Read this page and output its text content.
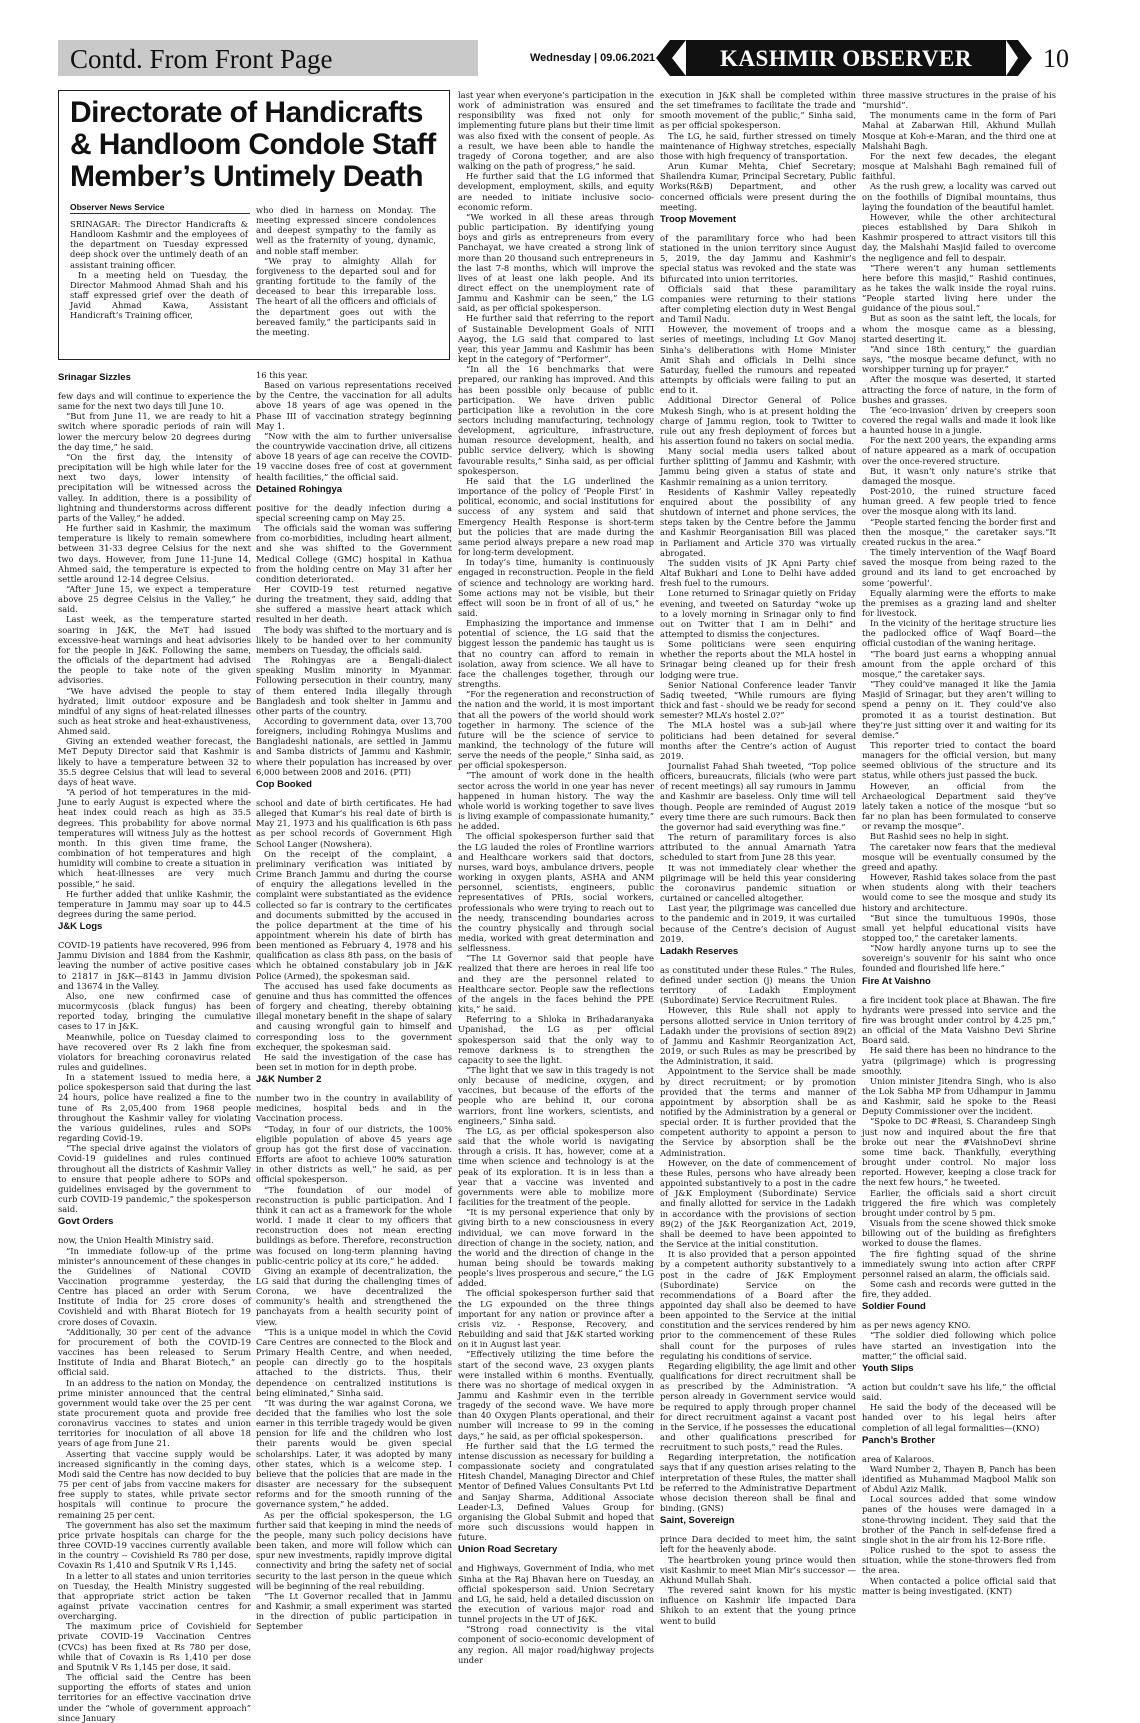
Contd. From Front Page	Wednesday | 09.06.2021	KASHMIR OBSERVER	10
Directorate of Handicrafts & Handloom Condole Staff Member’s Untimely Death
Observer News Service

SRINAGAR: The Director Handicrafts & Handloom Kashmir and the employees of the department on Tuesday expressed deep shock over the untimely death of an assistant training officer.

In a meeting held on Tuesday, the Director Mahmood Ahmad Shah and his staff expressed grief over the death of Javid Ahmad Kawa, Assistant Handicraft’s Training officer,

who died in harness on Monday. The meeting expressed sincere condolences and deepest sympathy to the family as well as the fraternity of young, dynamic, and noble staff member.

“We pray to almighty Allah for forgiveness to the departed soul and for granting fortitude to the family of the deceased to bear this irreparable loss. The heart of all the officers and officials of the department goes out with the bereaved family,” the participants said in the meeting.

Srinagar Sizzles

few days and will continue to experience the same for the next two days till June 10.

“But from June 11, we are ready to hit a switch where sporadic periods of rain will lower the mercury below 20 degrees during the day time,” he said.

“On the first day, the intensity of precipitation will be high while later for the next two days, lower intensity of precipitation will be witnessed across the valley. In addition, there is a possibility of lightning and thunderstorms across different parts of the Valley,” he added.

He further said in Kashmir, the maximum temperature is likely to remain somewhere between 31-33 degree Celsius for the next two days. However, from June 11-June 14, Ahmed said, the temperature is expected to settle around 12-14 degree Celsius.

“After June 15, we expect a temperature above 25 degree Celsius in the Valley,” he said.

Last week, as the temperature started soaring in J&K, the MeT had issued excessive-heat warnings and heat advisories for the people in J&K. Following the same, the officials of the department had advised the people to take note of the given advisories.

“We have advised the people to stay hydrated, limit outdoor exposure and be mindful of any signs of heat-related illnesses such as heat stroke and heat-exhaustiveness, Ahmed said.

Giving an extended weather forecast, the MeT Deputy Director said that Kashmir is likely to have a temperature between 32 to 35.5 degree Celsius that will lead to several days of heat wave.

“A period of hot temperatures in the mid-June to early August is expected where the heat index could reach as high as 35.5 degrees. This probability for above normal temperatures will witness July as the hottest month. In this given time frame, the combination of hot temperatures and high humidity will combine to create a situation in which heat-illnesses are very much possible,” he said.

He further added that unlike Kashmir, the temperature in Jammu may soar up to 44.5 degrees during the same period.

J&K Logs

COVID-19 patients have recovered, 996 from Jammu Division and 1884 from the Kashmir, leaving the number of active positive cases to 21817 in J&K—8143 in Jammu division and 13674 in the Valley.

Also, one new confirmed case of mucormycosis (black fungus) has been reported today, bringing the cumulative cases to 17 in J&K.

Meanwhile, police on Tuesday claimed to have recovered over Rs 2 lakh fine from violators for breaching coronavirus related rules and guidelines.

In a statement issued to media here, a police spokesperson said that during the last 24 hours, police have realized a fine to the tune of Rs 2,05,400 from 1968 people throughout the Kashmir valley for violating the various guidelines, rules and SOPs regarding Covid-19.

“The special drive against the violators of Covid-19 guidelines and rules continued throughout all the districts of Kashmir Valley to ensure that people adhere to SOPs and guidelines envisaged by the government to curb COVID-19 pandemic,” the spokesperson said.

Govt Orders

now, the Union Health Ministry said.

“In immediate follow-up of the prime minister’s announcement of these changes in the Guidelines of National COVID Vaccination programme yesterday, the Centre has placed an order with Serum Institute of India for 25 crore doses of Covishield and with Bharat Biotech for 19 crore doses of Covaxin.

“Additionally, 30 per cent of the advance for procurement of both the COVID-19 vaccines has been released to Serum Institute of India and Bharat Biotech,” an official said.

In an address to the nation on Monday, the prime minister announced that the central government would take over the 25 per cent state procurement quota and provide free coronavirus vaccines to states and union territories for inoculation of all above 18 years of age from June 21.

Asserting that vaccine supply would be increased significantly in the coming days, Modi said the Centre has now decided to buy 75 per cent of jabs from vaccine makers for free supply to states, while private sector hospitals will continue to procure the remaining 25 per cent.

The government has also set the maximum price private hospitals can charge for the three COVID-19 vaccines currently available in the country -- Covishield Rs 780 per dose, Covaxin Rs 1,410 and Sputnik V Rs 1,145.

In a letter to all states and union territories on Tuesday, the Health Ministry suggested that appropriate strict action be taken against private vaccination centres for overcharging.

The maximum price of Covishield for private COVID-19 Vaccination Centres (CVCs) has been fixed at Rs 780 per dose, while that of Covaxin is Rs 1,410 per dose and Sputnik V Rs 1,145 per dose, it said.

The official said the Centre has been supporting the efforts of states and union territories for an effective vaccination drive under the “whole of government approach” since January

16 this year.

Based on various representations received by the Centre, the vaccination for all adults above 18 years of age was opened in the Phase III of vaccination strategy beginning May 1.

“Now with the aim to further universalise the countrywide vaccination drive, all citizens above 18 years of age can receive the COVID-19 vaccine doses free of cost at government health facilities,” the official said.

Detained Rohingya

positive for the deadly infection during a special screening camp on May 25.

The officials said the woman was suffering from co-morbidities, including heart ailment, and she was shifted to the Government Medical College (GMC) hospital in Kathua from the holding centre on May 31 after her condition deteriorated.

Her COVID-19 test returned negative during the treatment, they said, adding that she suffered a massive heart attack which resulted in her death.

The body was shifted to the mortuary and is likely to be handed over to her community members on Tuesday, the officials said.

The Rohingyas are a Bengali-dialect speaking Muslim minority in Myanmar. Following persecution in their country, many of them entered India illegally through Bangladesh and took shelter in Jammu and other parts of the country.

According to government data, over 13,700 foreigners, including Rohingya Muslims and Bangladeshi nationals, are settled in Jammu and Samba districts of Jammu and Kashmir, where their population has increased by over 6,000 between 2008 and 2016. (PTI)

Cop Booked

school and date of birth certificates. He had alleged that Kumar’s his real date of birth is May 21, 1973 and his qualification is 6th pass as per school records of Government High School Langer (Nowshera).

On the receipt of the complaint, a preliminary verification was initiated by Crime Branch Jammu and during the course of enquiry the allegations levelled in the complaint were substantiated as the evidence collected so far is contrary to the certificates and documents submitted by the accused in the police department at the time of his appointment wherein his date of birth has been mentioned as February 4, 1978 and his qualification as class 8th pass, on the basis of which he obtained constabulary job in J&K Police (Armed), the spokesman said.

The accused has used fake documents as genuine and thus has committed the offences of forgery and cheating, thereby obtaining illegal monetary benefit in the shape of salary and causing wrongful gain to himself and corresponding loss to the government exchequer, the spokesman said.

He said the investigation of the case has been set in motion for in depth probe.

J&K Number 2

number two in the country in availability of medicines, hospital beds and in the Vaccination process.

“Today, in four of our districts, the 100% eligible population of above 45 years age group has got the first dose of vaccination. Efforts are afoot to achieve 100% saturation in other districts as well,” he said, as per official spokesperson.

“The foundation of our model of reconstruction is public participation. And I think it can act as a framework for the whole world. I made it clear to my officers that reconstruction does not mean erecting buildings as before. Therefore, reconstruction was focused on long-term planning having public-centric policy at its core,” he added.

Giving an example of decentralization, the LG said that during the challenging times of Corona, we have decentralized the community’s health and strengthened the panchayats from a health security point of view.

“This is a unique model in which the Covid Care Centres are connected to the Block and Primary Health Centre, and when needed, people can directly go to the hospitals attached to the districts. Thus, their dependence on centralized institutions is being eliminated,” Sinha said.

“It was during the war against Corona, we decided that the families who lost the sole earner in this terrible tragedy would be given pension for life and the children who lost their parents would be given special scholarships. Later, it was adopted by many other states, which is a welcome step. I believe that the policies that are made in the disaster are necessary for the subsequent reforms and for the smooth running of the governance system,” he added.

As per the official spokesperson, the LG further said that keeping in mind the needs of the people, many such policy decisions have been taken, and more will follow which can spur new investments, rapidly improve digital connectivity and bring the safety net of social security to the last person in the queue which will be beginning of the real rebuilding.

“The Lt Governor recalled that in Jammu and Kashmir, a small experiment was started in the direction of public participation in September

last year when everyone’s participation in the work of administration was ensured and responsibility was fixed not only for implementing future plans but their time limit was also fixed with the consent of people. As a result, we have been able to handle the tragedy of Corona together, and are also walking on the path of progress,” he said.

He further said that the LG informed that development, employment, skills, and equity are needed to initiate inclusive socio-economic reform.

“We worked in all these areas through public participation. By identifying young boys and girls as entrepreneurs from every Panchayat, we have created a strong link of more than 20 thousand such entrepreneurs in the last 7-8 months, which will improve the lives of at least one lakh people. And its direct effect on the unemployment rate of Jammu and Kashmir can be seen,” the LG said, as per official spokesperson.

He further said that referring to the report of Sustainable Development Goals of NITI Aayog, the LG said that compared to last year, this year Jammu and Kashmir has been kept in the category of “Performer”.

“In all the 16 benchmarks that were prepared, our ranking has improved. And this has been possible only because of public participation. We have driven public participation like a revolution in the core sectors including manufacturing, technology development, agriculture, infrastructure, human resource development, health, and public service delivery, which is showing favourable results,” Sinha said, as per official spokesperson.

He said that the LG underlined the importance of the policy of ‘People First’ in political, economic, and social institutions for success of any system and said that Emergency Health Response is short-term but the policies that are made during the same period always prepare a new road map for long-term development.

In today’s time, humanity is continuously engaged in reconstruction. People in the field of science and technology are working hard. Some actions may not be visible, but their effect will soon be in front of all of us,” he said.

Emphasizing the importance and immense potential of science, the LG said that the biggest lesson the pandemic has taught us is that no country can afford to remain in isolation, away from science. We all have to face the challenges together, through our strengths.

“For the regeneration and reconstruction of the nation and the world, it is most important that all the powers of the world should work together in harmony. The science of the future will be the science of service to mankind, the technology of the future will serve the needs of the people,” Sinha said, as per official spokesperson.

“The amount of work done in the health sector across the world in one year has never happened in human history. The way the whole world is working together to save lives is living example of compassionate humanity,” he added.

The official spokesperson further said that the LG lauded the roles of Frontline warriors and Healthcare workers said that doctors, nurses, ward boys, ambulance drivers, people working in oxygen plants, ASHA and ANM personnel, scientists, engineers, public representatives of PRIs, social workers, professionals who were trying to reach out to the needy, transcending boundaries across the country physically and through social media, worked with great determination and selflessness.

“The Lt Governor said that people have realized that there are heroes in real life too and they are the personnel related to Healthcare sector. People saw the reflections of the angels in the faces behind the PPE kits,” he said.

Referring to a Shloka in Brihadaranyaka Upanishad, the LG as per official spokesperson said that the only way to remove darkness is to strengthen the capacity to see the light.

“The light that we saw in this tragedy is not only because of medicine, oxygen, and vaccines, but because of the efforts of the people who are behind it, our corona warriors, front line workers, scientists, and engineers,” Sinha said.

The LG, as per official spokesperson also said that the whole world is navigating through a crisis. It has, however, come at a time when science and technology is at the peak of its exploration. It is in less than a year that a vaccine was invented and governments were able to mobilize more facilities for the treatment of the people.

“It is my personal experience that only by giving birth to a new consciousness in every individual, we can move forward in the direction of change in the society, nation, and the world and the direction of change in the human being should be towards making people’s lives prosperous and secure,” the LG added.

The official spokesperson further said that the LG expounded on the three things important for any nation or province after a crisis viz. - Response, Recovery, and Rebuilding and said that J&K started working on it in August last year.

“Effectively utilizing the time before the start of the second wave, 23 oxygen plants were installed within 6 months. Eventually, there was no shortage of medical oxygen in Jammu and Kashmir even in the terrible tragedy of the second wave. We have more than 40 Oxygen Plants operational, and their number will increase to 99 in the coming days,” he said, as per official spokesperson.

He further said that the LG termed the intense discussion as necessary for building a compassionate society and congratulated Hitesh Chandel, Managing Director and Chief Mentor of Defined Values Consultants Pvt Ltd and Sanjay Sharma, Additional Associate Leader-L3, Defined Values Group for organising the Global Submit and hoped that more such discussions would happen in future.

Union Road Secretary

and Highways, Government of India, who met Sinha at the Raj Bhavan here on Tuesday, an official spokesperson said. Union Secretary and LG, he said, held a detailed discussion on the execution of various major road and tunnel projects in the UT of J&K.

“Strong road connectivity is the vital component of socio-economic development of any region. All major road/highway projects under

execution in J&K shall be completed within the set timeframes to facilitate the trade and smooth movement of the public,” Sinha said, as per official spokesperson.

The LG, he said, further stressed on timely maintenance of Highway stretches, especially those with high frequency of transportation.

Arun Kumar Mehta, Chief Secretary; Shailendra Kumar, Principal Secretary, Public Works(R&B) Department, and other concerned officials were present during the meeting.

Troop Movement

of the paramilitary force who had been stationed in the union territory since August 5, 2019, the day Jammu and Kashmir’s special status was revoked and the state was bifurcated into union territories.

Officials said that these paramilitary companies were returning to their stations after completing election duty in West Bengal and Tamil Nadu.

However, the movement of troops and a series of meetings, including Lt Gov Manoj Sinha’s deliberations with Home Minister Amit Shah and officials in Delhi since Saturday, fuelled the rumours and repeated attempts by officials were failing to put an end to it.

Additional Director General of Police Mukesh Singh, who is at present holding the charge of Jammu region, took to Twitter to rule out any fresh deployment of forces but his assertion found no takers on social media.

Many social media users talked about further splitting of Jammu and Kashmir, with Jammu being given a status of state and Kashmir remaining as a union territory.

Residents of Kashmir Valley repeatedly enquired about the possibility of any shutdown of internet and phone services, the steps taken by the Centre before the Jammu and Kashmir Reorganisation Bill was placed in Parliament and Article 370 was virtually abrogated.

The sudden visits of JK Apni Party chief Altaf Bukhari and Lone to Delhi have added fresh fuel to the rumours.

Lone returned to Srinagar quietly on Friday evening, and tweeted on Saturday “woke up to a lovely morning in Srinagar only to find out on Twitter that I am in Delhi” and attempted to dismiss the conjectures.

Some politicians were seen enquiring whether the reports about the MLA hostel in Srinagar being cleaned up for their fresh lodging were true.

Senior National Conference leader Tanvir Sadiq tweeted, “While rumours are flying thick and fast - should we be ready for second semester? MLA’s hostel 2.0?”

The MLA hostel was a sub-jail where politicians had been detained for several months after the Centre’s action of August 2019.

Journalist Fahad Shah tweeted, “Top police officers, bureaucrats, filicials (who were part of recent meetings) all say rumours in Jammu and Kashmir are baseless. Only time will tell though. People are reminded of August 2019 every time there are such rumours. Back then the governor had said everything was fine.”

The return of paramilitary forces is also attributed to the annual Amarnath Yatra scheduled to start from June 28 this year.

It was not immediately clear whether the pilgrimage will be held this year considering the coronavirus pandemic situation or curtained or cancelled altogether.

Last year, the pilgrimage was cancelled due to the pandemic and in 2019, it was curtailed because of the Centre’s decision of August 2019.

Ladakh Reserves

as constituted under these Rules.” The Rules, defined under section (j) means the Union territory of Ladakh Employment (Subordinate) Service Recruitment Rules.

However, this Rule shall not apply to persons allotted service in Union territory of Ladakh under the provisions of section 89(2) of Jammu and Kashmir Reorganization Act, 2019, or such Rules as may be prescribed by the Administration, it said.

Appointment to the Service shall be made by direct recruitment; or by promotion provided that the terms and manner of appointment by absorption shall be as notified by the Administration by a general or special order. It is further provided that the competent authority to appoint a person to the Service by absorption shall be the Administration.

However, on the date of commencement of these Rules, persons who have already been appointed substantively to a post in the cadre of J&K Employment (Subordinate) Service and finally allotted for service in the Ladakh in accordance with the provisions of section 89(2) of the J&K Reorganization Act, 2019, shall be deemed to have been appointed to the Service at the initial constitution.

It is also provided that a person appointed by a competent authority substantively to a post in the cadre of J&K Employment (Subordinate) Service on the recommendations of a Board after the appointed day shall also be deemed to have been appointed to the Service at the initial constitution and the services rendered by him prior to the commencement of these Rules shall count for the purposes of rules regulating his conditions of service.

Regarding eligibility, the age limit and other qualifications for direct recruitment shall be as prescribed by the Administration. “A person already in Government service would be required to apply through proper channel for direct recruitment against a vacant post in the Service, if he possesses the educational and other qualifications prescribed for recruitment to such posts,” read the Rules.

Regarding interpretation, the notification says that if any question arises relating to the interpretation of these Rules, the matter shall be referred to the Administrative Department whose decision thereon shall be final and binding. (GNS)

Saint, Sovereign

prince Dara decided to meet him, the saint left for the heavenly abode.

The heartbroken young prince would then visit Kashmir to meet Mian Mir’s successor — Akhund Mullah Shah.

The revered saint known for his mystic influence on Kashmir life impacted Dara Shikoh to an extent that the young prince went to build

three massive structures in the praise of his “murshid”.

The monuments came in the form of Pari Mahal at Zabarwan Hill, Akhund Mullah Mosque at Koh-e-Maran, and the third one at Malshahi Bagh.

For the next few decades, the elegant mosque at Malshahi Bagh remained full of faithful.

As the rush grew, a locality was carved out on the foothills of Dignibal mountains, thus laying the foundation of the beautiful hamlet.

However, while the other architectural pieces established by Dara Shikoh in Kashmir prospered to attract visitors till this day, the Malshahi Masjid failed to overcome the negligence and fell to despair.

“There weren’t any human settlements here before this masjid,” Rashid continues, as he takes the walk inside the royal ruins. “People started living here under the guidance of the pious soul.”

But as soon as the saint left, the locals, for whom the mosque came as a blessing, started deserting it.

“And since 18th century,” the guardian says, “the mosque became defunct, with no worshipper turning up for prayer.”

After the mosque was deserted, it started attracting the force of nature, in the form of bushes and grasses.

The ‘eco-invasion’ driven by creepers soon covered the regal walls and made it look like a haunted house in a jungle.

For the next 200 years, the expanding arms of nature appeared as a mark of occupation over the once-revered structure.

But, it wasn’t only nature’s strike that damaged the mosque.

Post-2010, the ruined structure faced human greed. A few people tried to fence over the mosque along with its land.

“People started fencing the border first and then the mosque,” the caretaker says.“It created ruckus in the area.”

The timely intervention of the Waqf Board saved the mosque from being razed to the ground and its land to get encroached by some ‘powerful’.

Equally alarming were the efforts to make the premises as a grazing land and shelter for livestock.

In the vicinity of the heritage structure lies the padlocked office of Waqf Board—the official custodian of the waning heritage.

“The board just earns a whopping annual amount from the apple orchard of this mosque,” the caretaker says.

“They could’ve managed it like the Jamia Masjid of Srinagar, but they aren’t willing to spend a penny on it. They could’ve also promoted it as a tourist destination. But they’re just sitting over it and waiting for its demise.”

This reporter tried to contact the board managers for the official version, but many seemed oblivious of the structure and its status, while others just passed the buck.

However, an official from the Archaeological Department said they’ve lately taken a notice of the mosque “but so far no plan has been formulated to conserve or revamp the mosque”.

But Rashid sees no help in sight.

The caretaker now fears that the medieval mosque will be eventually consumed by the greed and apathy.

However, Rashid takes solace from the past when students along with their teachers would come to see the mosque and study its history and architecture.

“But since the tumultuous 1990s, those small yet helpful educational visits have stopped too,” the caretaker laments.

“Now hardly anyone turns up to see the sovereign’s souvenir for his saint who once founded and flourished life here.”

Fire At Vaishno

a fire incident took place at Bhawan. The fire hydrants were pressed into service and the fire was brought under control by 4.25 pm,” an official of the Mata Vaishno Devi Shrine Board said.

He said there has been no hindrance to the yatra (pilgrimage) which is progressing smoothly.

Union minister Jitendra Singh, who is also the Lok Sabha MP from Udhampur in Jammu and Kashmir, said he spoke to the Reasi Deputy Commissioner over the incident.

“Spoke to DC #Reasi, S. Charandeep Singh just now and inquired about the fire that broke out near the #VaishnoDevi shrine some time back. Thankfully, everything brought under control. No major loss reported. However, keeping a close track for the next few hours,” he tweeted.

Earlier, the officials said a short circuit triggered the fire which was completely brought under control by 5 pm.

Visuals from the scene showed thick smoke billowing out of the building as firefighters worked to douse the flames.

The fire fighting squad of the shrine immediately swung into action after CRPF personnel raised an alarm, the officials said.

Some cash and records were gutted in the fire, they added.

Soldier Found

as per news agency KNO.

“The soldier died following which police have started an investigation into the matter,” the official said.

Youth Slips

action but couldn’t save his life,” the official said.

He said the body of the deceased will be handed over to his legal heirs after completion of all legal formalities—(KNO)

Panch’s Brother

area of Kalaroos.

Ward Number 2, Thayen B, Panch has been identified as Muhammad Maqbool Malik son of Abdul Aziz Malik.

Local sources added that some window panes of the houses were damaged in a stone-throwing incident. They said that the brother of the Panch in self-defense fired a single shot in the air from his 12-Bore rifle.

Police rushed to the spot to assess the situation, while the stone-throwers fled from the area.

When contacted a police official said that matter is being investigated. (KNT)
